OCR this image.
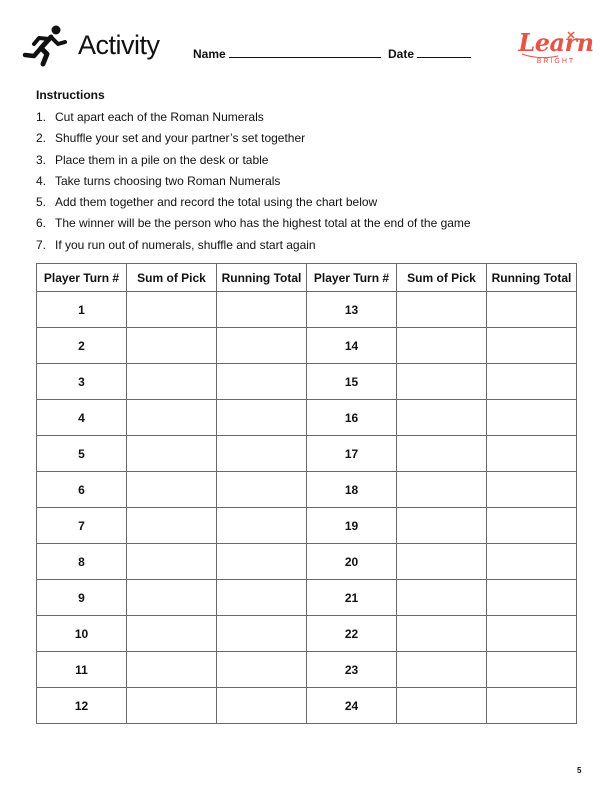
Activity	Name	Date	Learn
BRIGHT
Instructions
1. Cut apart each of the Roman Numerals
2. Shuffle your set and your partner’s set together
3. Place them in a pile on the desk or table
4. Take turns choosing two Roman Numerals
5. Add them together and record the total using the chart below
6. The winner will be the person who has the highest total at the end of the game
7. If you run out of numerals, shuffle and start again
Player Turn #	Sum of Pick	Running Total	Player Turn #	Sum of Pick	Running Total
1			13		
2			14		
3			15		
4			16		
5			17		
6			18		
7			19		
8			20		
9			21		
10			22		
11			23		
12			24		
5
